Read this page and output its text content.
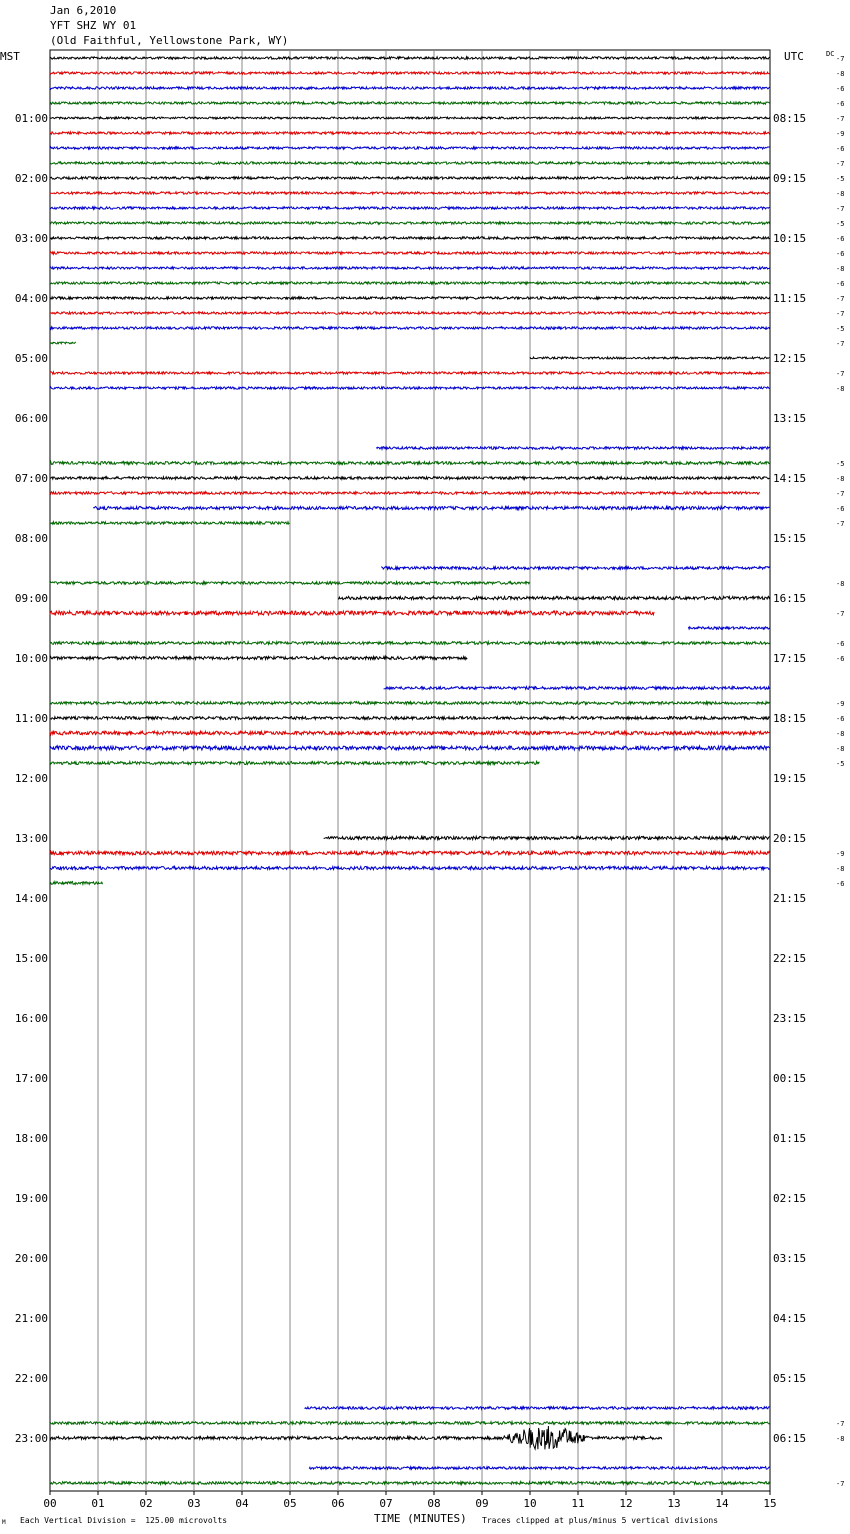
Jan 6,2010
YFT SHZ WY 01
(Old Faithful, Yellowstone Park, WY)
MST	UTC	DC
00	01	02	03	04	05	06	07	08	09	10	11	12	13	14	15
01:00
02:00
03:00
04:00
05:00
06:00
07:00
08:00
09:00
10:00
11:00
12:00
13:00
14:00
15:00
16:00
17:00
18:00
19:00
20:00
21:00
22:00
23:00
08:15
09:15
10:15
11:15
12:15
13:15
14:15
15:15
16:15
17:15
18:15
19:15
20:15
21:15
22:15
23:15
00:15
01:15
02:15
03:15
04:15
05:15
06:15
-7
-8
-6
-6
-7
-9
-6
-7
-5
-8
-7
-5
-6
-6
-8
-6
-7
-7
-5
-7
-7
-8
-5
-8
-7
-6
-7
-8
-7
-6
-6
-9
-6
-8
-8
-5
-9
-8
-6
-7
-8
-7
M Each Vertical Division =  125.00 microvolts	TIME (MINUTES) Traces clipped at plus/minus 5 vertical divisions
